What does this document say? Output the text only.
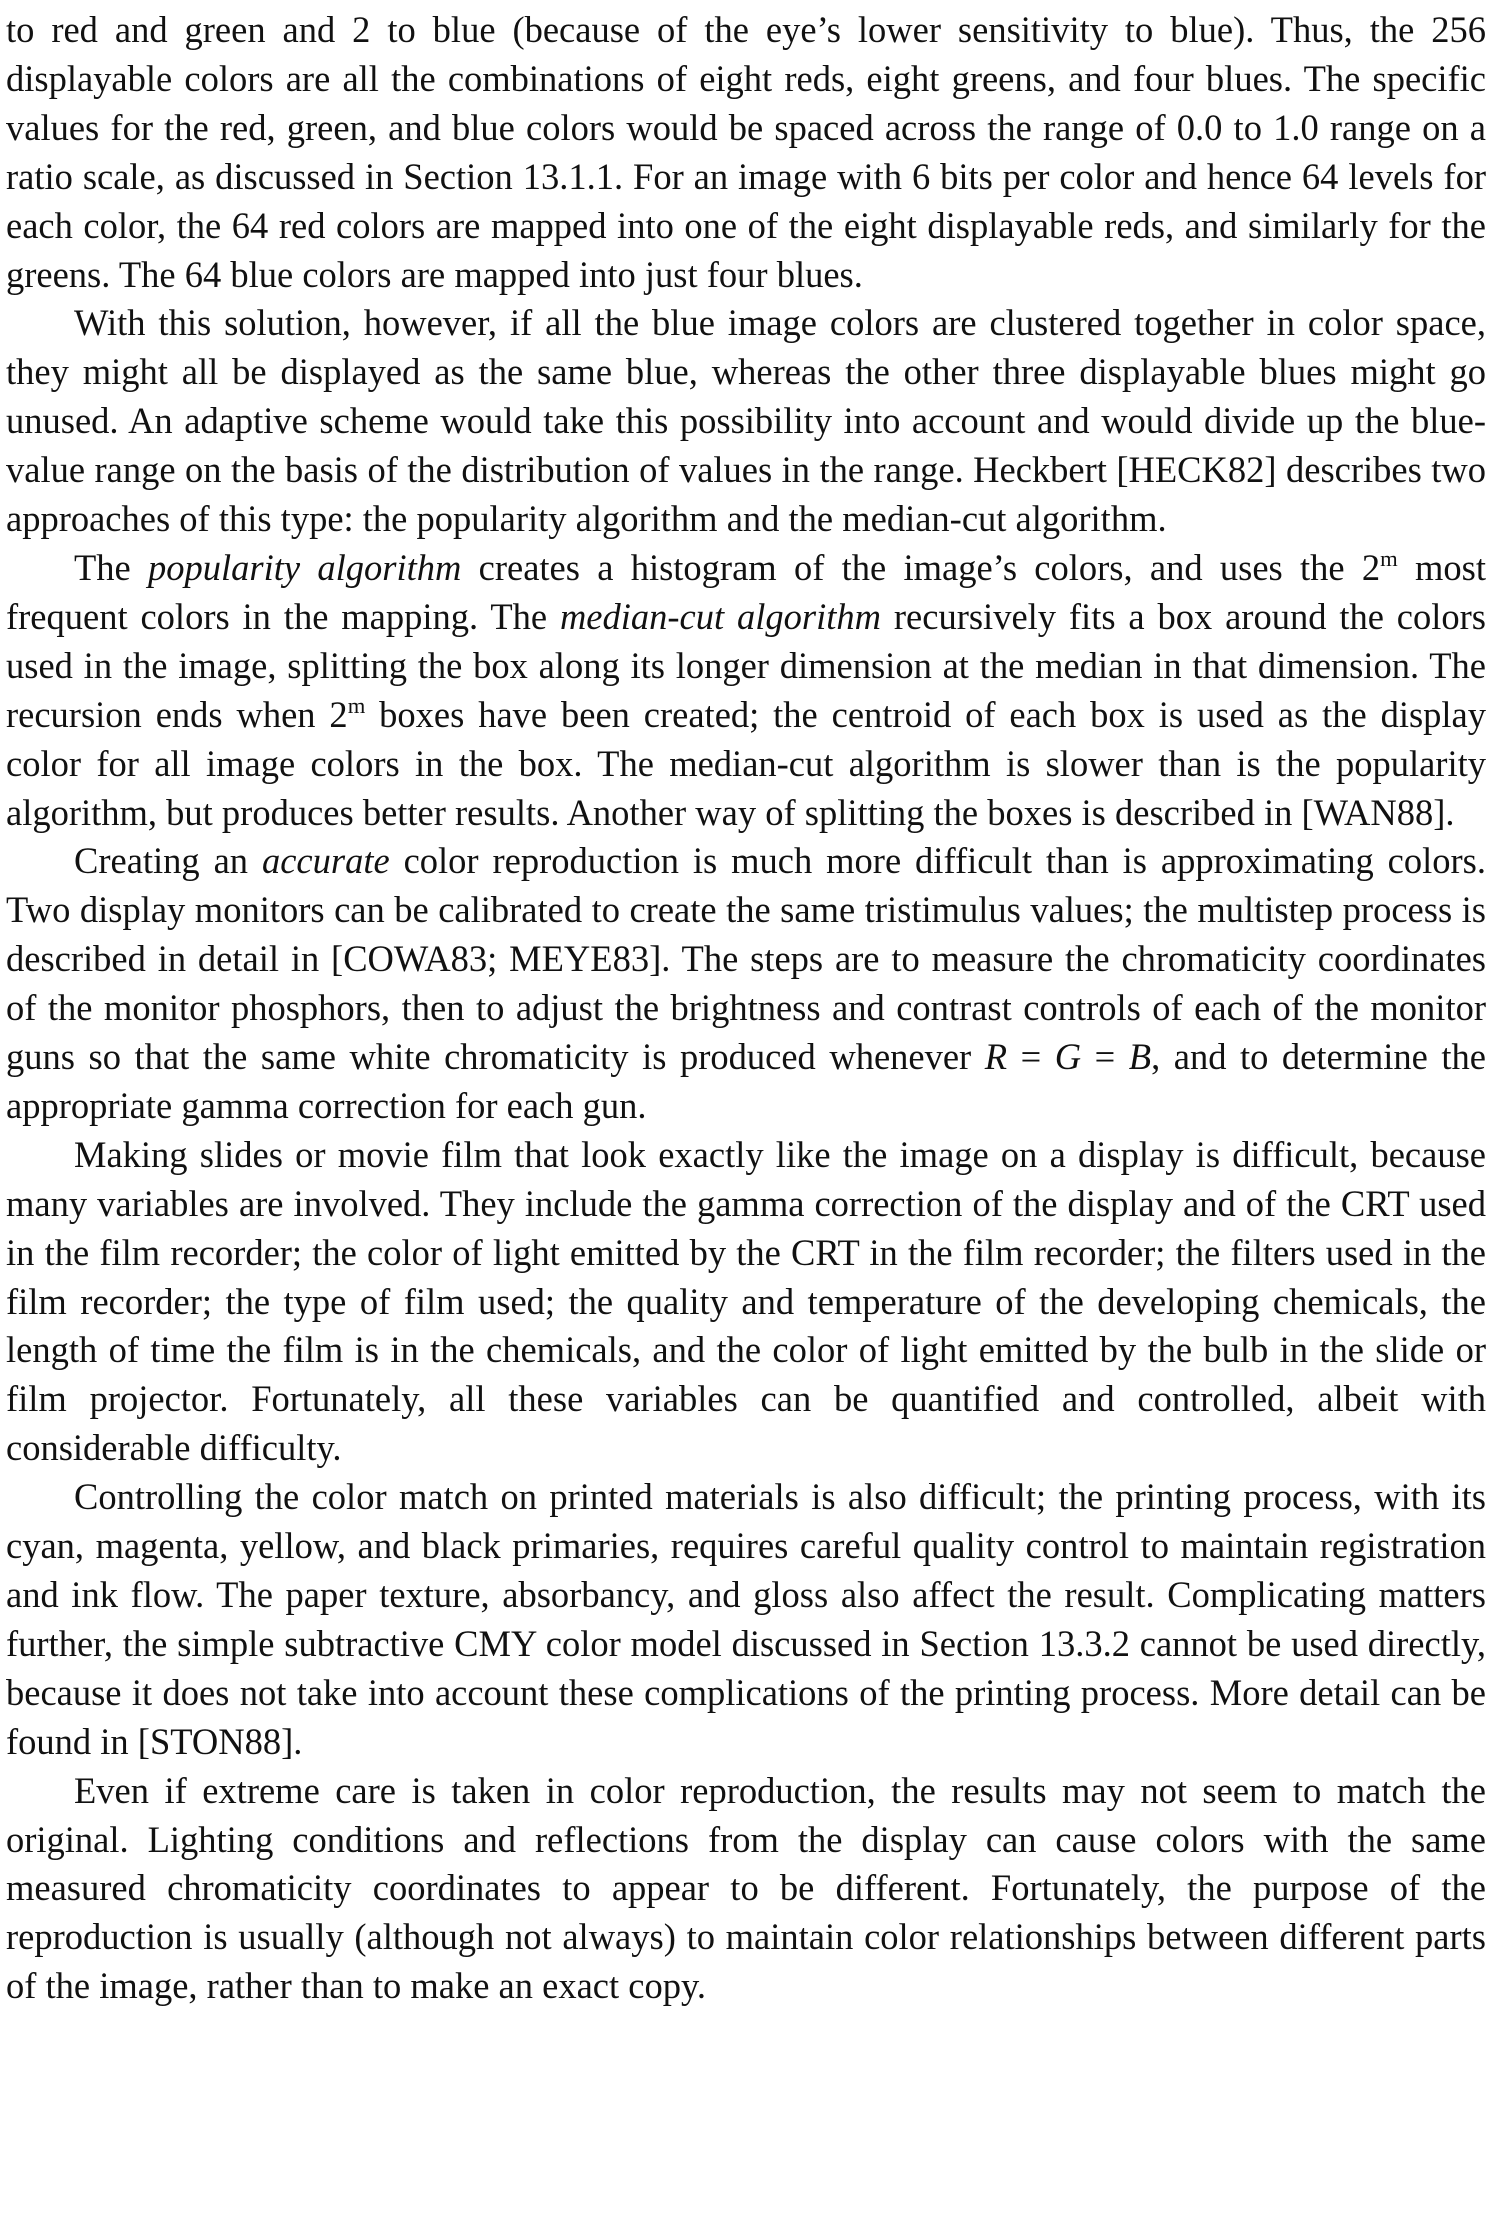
to red and green and 2 to blue (because of the eye’s lower sensitivity to blue). Thus, the 256 displayable colors are all the combinations of eight reds, eight greens, and four blues. The specific values for the red, green, and blue colors would be spaced across the range of 0.0 to 1.0 range on a ratio scale, as discussed in Section 13.1.1. For an image with 6 bits per color and hence 64 levels for each color, the 64 red colors are mapped into one of the eight displayable reds, and similarly for the greens. The 64 blue colors are mapped into just four blues.

With this solution, however, if all the blue image colors are clustered together in color space, they might all be displayed as the same blue, whereas the other three displayable blues might go unused. An adaptive scheme would take this possibility into account and would divide up the blue-value range on the basis of the distribution of values in the range. Heckbert [HECK82] describes two approaches of this type: the popularity algorithm and the median-cut algorithm.

The popularity algorithm creates a histogram of the image’s colors, and uses the 2$^m$ most frequent colors in the mapping. The median-cut algorithm recursively fits a box around the colors used in the image, splitting the box along its longer dimension at the median in that dimension. The recursion ends when 2$^m$ boxes have been created; the centroid of each box is used as the display color for all image colors in the box. The median-cut algorithm is slower than is the popularity algorithm, but produces better results. Another way of splitting the boxes is described in [WAN88].

Creating an accurate color reproduction is much more difficult than is approximating colors. Two display monitors can be calibrated to create the same tristimulus values; the multistep process is described in detail in [COWA83; MEYE83]. The steps are to measure the chromaticity coordinates of the monitor phosphors, then to adjust the brightness and contrast controls of each of the monitor guns so that the same white chromaticity is produced whenever R = G = B, and to determine the appropriate gamma correction for each gun.

Making slides or movie film that look exactly like the image on a display is difficult, because many variables are involved. They include the gamma correction of the display and of the CRT used in the film recorder; the color of light emitted by the CRT in the film recorder; the filters used in the film recorder; the type of film used; the quality and temperature of the developing chemicals, the length of time the film is in the chemicals, and the color of light emitted by the bulb in the slide or film projector. Fortunately, all these variables can be quantified and controlled, albeit with considerable difficulty.

Controlling the color match on printed materials is also difficult; the printing process, with its cyan, magenta, yellow, and black primaries, requires careful quality control to maintain registration and ink flow. The paper texture, absorbancy, and gloss also affect the result. Complicating matters further, the simple subtractive CMY color model discussed in Section 13.3.2 cannot be used directly, because it does not take into account these complications of the printing process. More detail can be found in [STON88].

Even if extreme care is taken in color reproduction, the results may not seem to match the original. Lighting conditions and reflections from the display can cause colors with the same measured chromaticity coordinates to appear to be different. Fortunately, the purpose of the reproduction is usually (although not always) to maintain color relationships between different parts of the image, rather than to make an exact copy.
